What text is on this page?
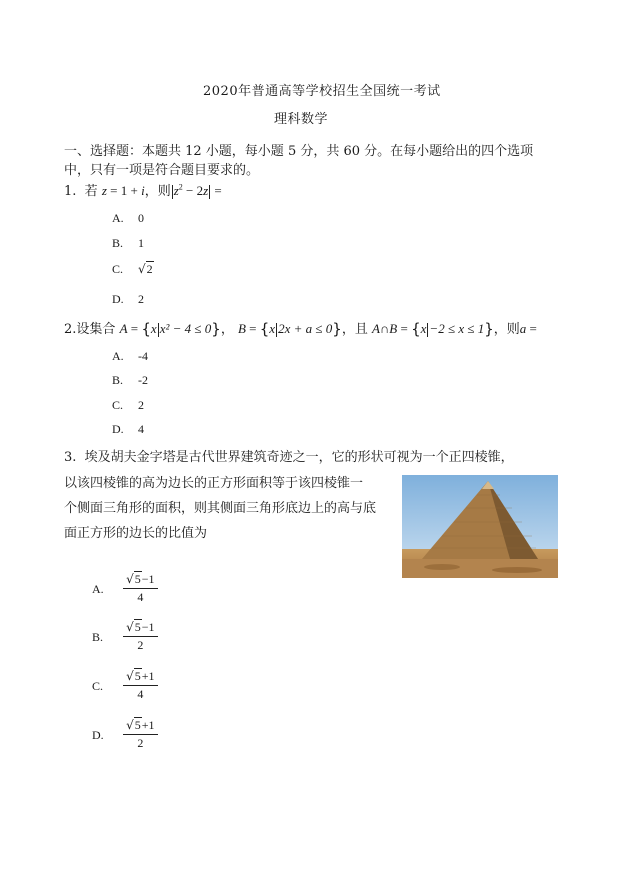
2020年普通高等学校招生全国统一考试
理科数学
一、选择题：本题共 12 小题，每小题 5 分，共 60 分。在每小题给出的四个选项
中，只有一项是符合题目要求的。
1. 若 z = 1 + i，则 $z^2 - 2z$ =
A. 0
B. 1
C. √2
D. 2
2.设集合 A = {x x² − 4 ≤ 0}， B = {x 2x + a ≤ 0}，且 A∩B = {x −2 ≤ x ≤ 1}，则a =
A. -4
B. -2
C. 2
D. 4
3. 埃及胡夫金字塔是古代世界建筑奇迹之一，它的形状可视为一个正四棱锥，
以该四棱锥的高为边长的正方形面积等于该四棱锥一
个侧面三角形的面积，则其侧面三角形底边上的高与底
面正方形的边长的比值为
A. $\frac{√5-1}{4}$
B. $\frac{√5-1}{2}$
C. $\frac{√5+1}{4}$
D. $\frac{√5+1}{2}$
